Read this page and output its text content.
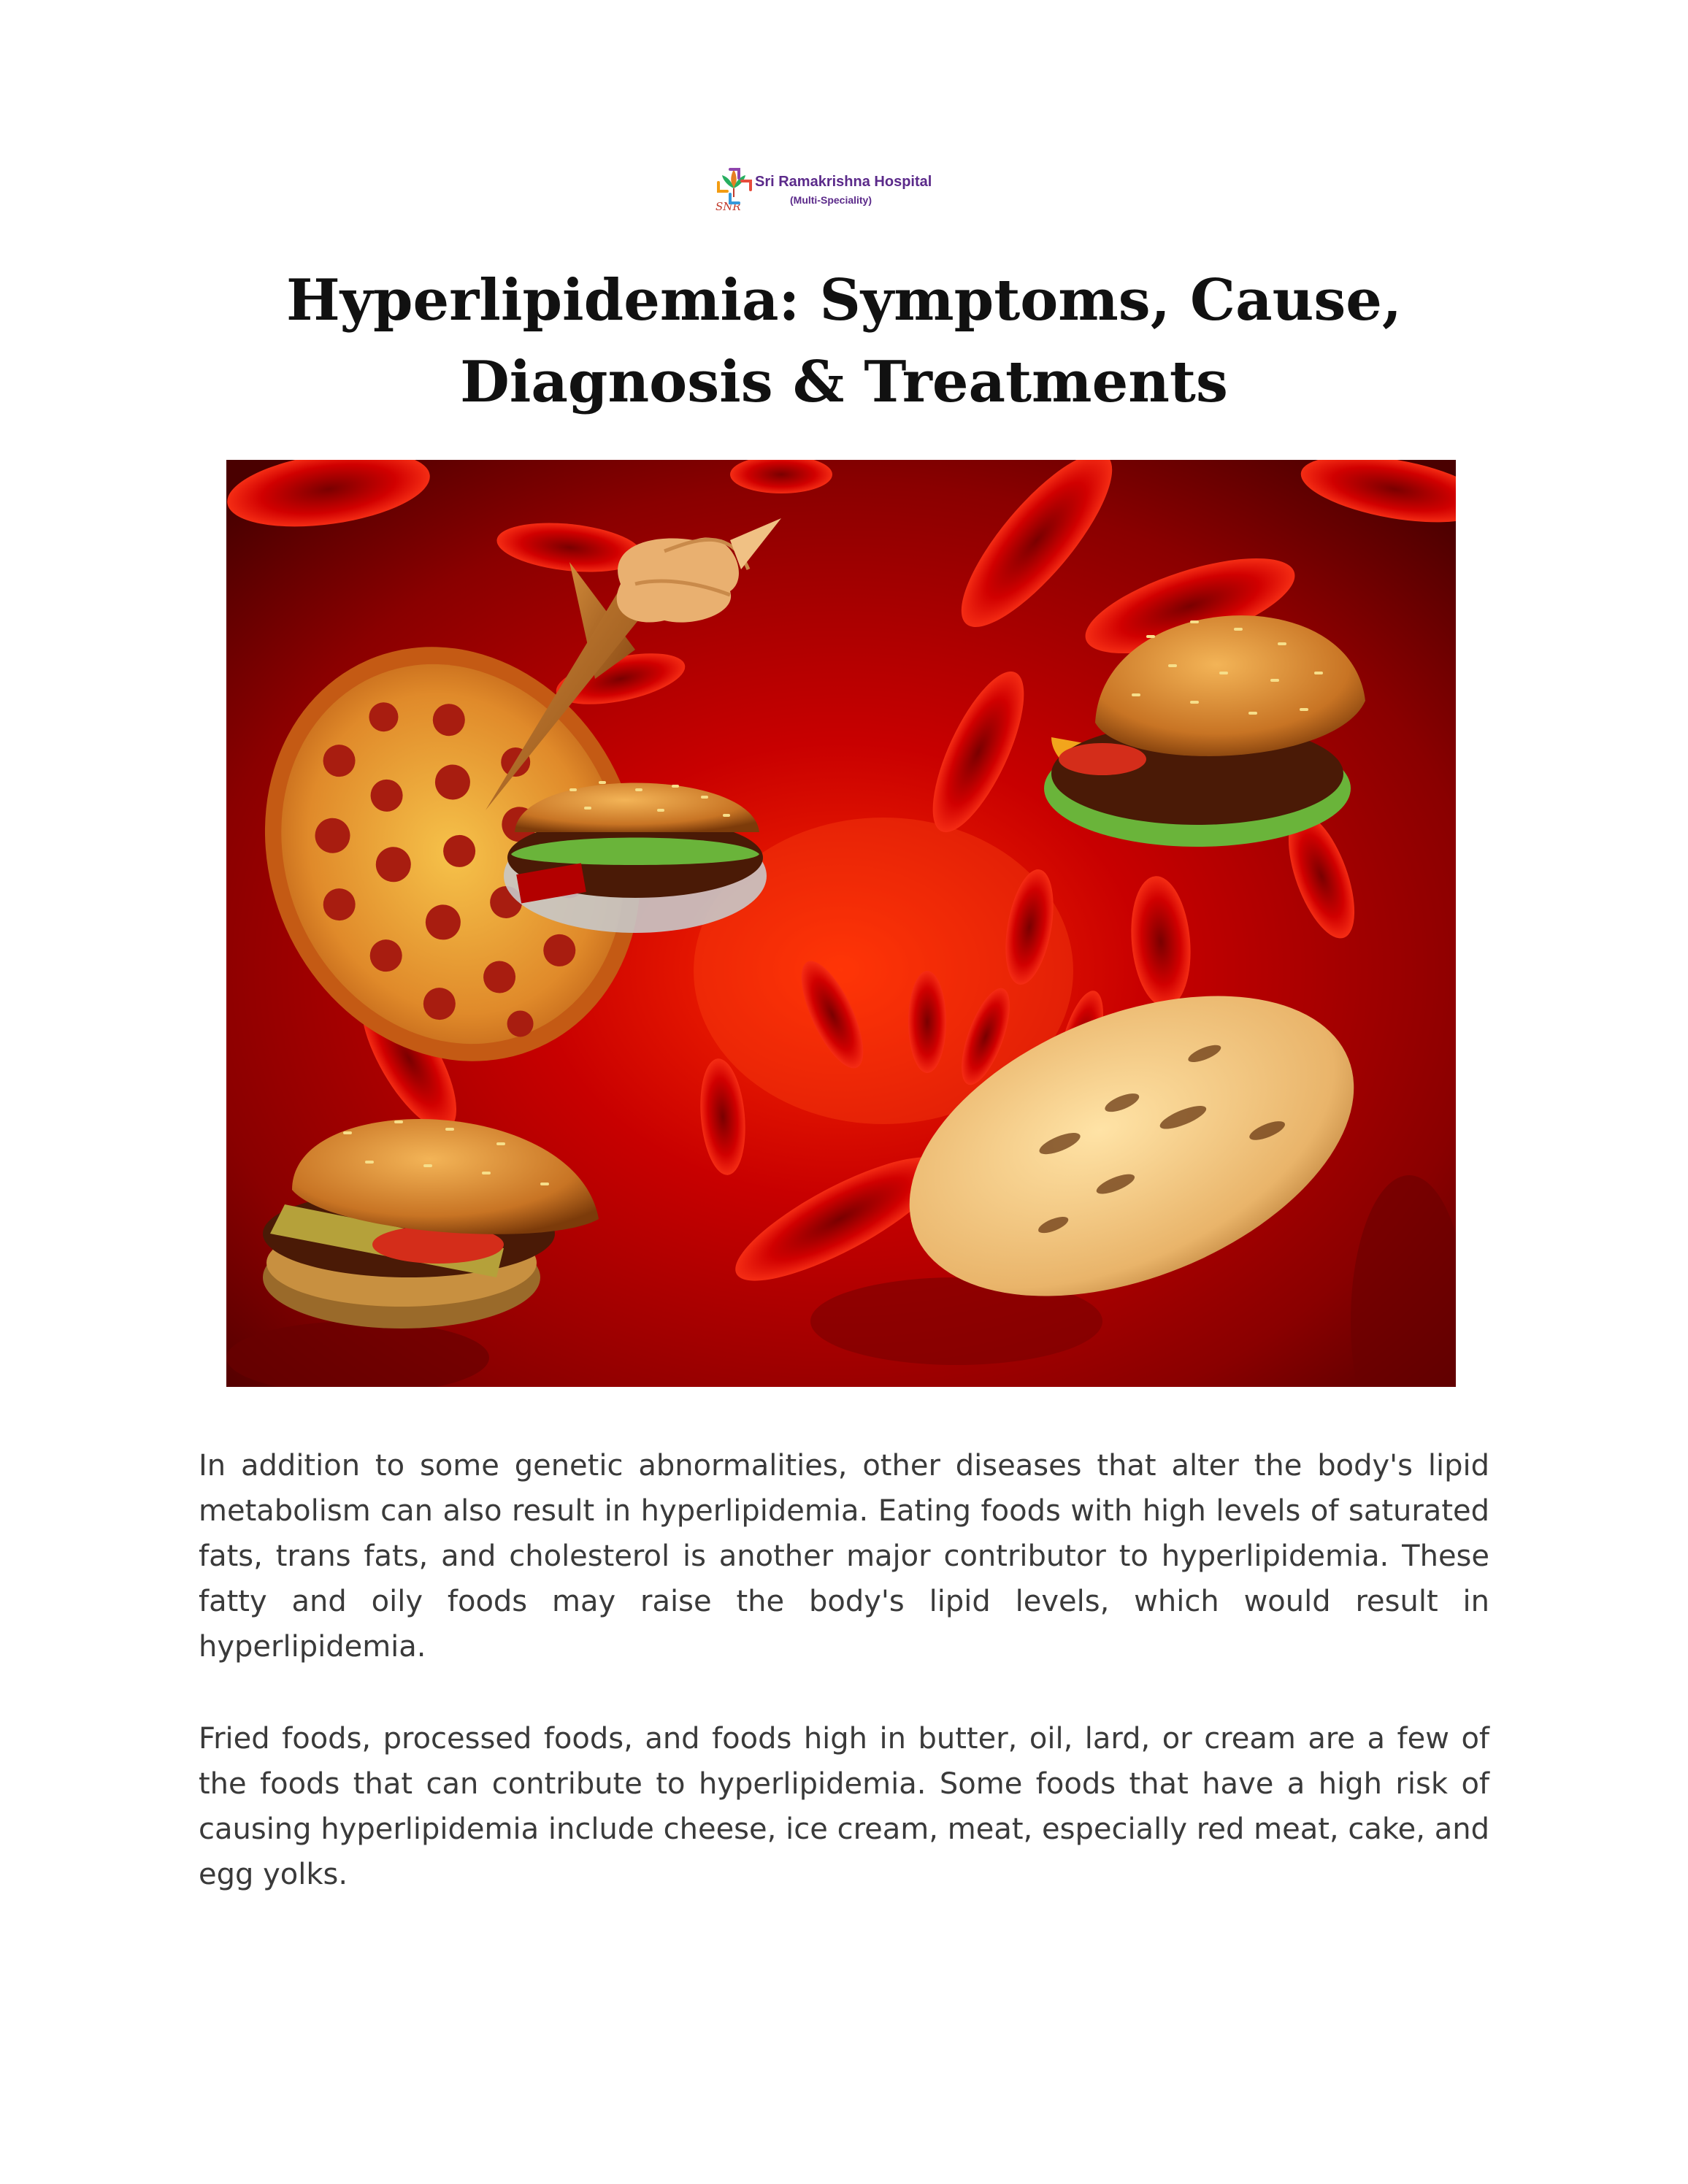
SNR
Sri Ramakrishna Hospital
(Multi-Speciality)
Hyperlipidemia: Symptoms, Cause, Diagnosis & Treatments

In addition to some genetic abnormalities, other diseases that alter the body's lipid metabolism can also result in hyperlipidemia. Eating foods with high levels of saturated fats, trans fats, and cholesterol is another major contributor to hyperlipidemia. These fatty and oily foods may raise the body's lipid levels, which would result in hyperlipidemia.

Fried foods, processed foods, and foods high in butter, oil, lard, or cream are a few of the foods that can contribute to hyperlipidemia. Some foods that have a high risk of causing hyperlipidemia include cheese, ice cream, meat, especially red meat, cake, and egg yolks.
